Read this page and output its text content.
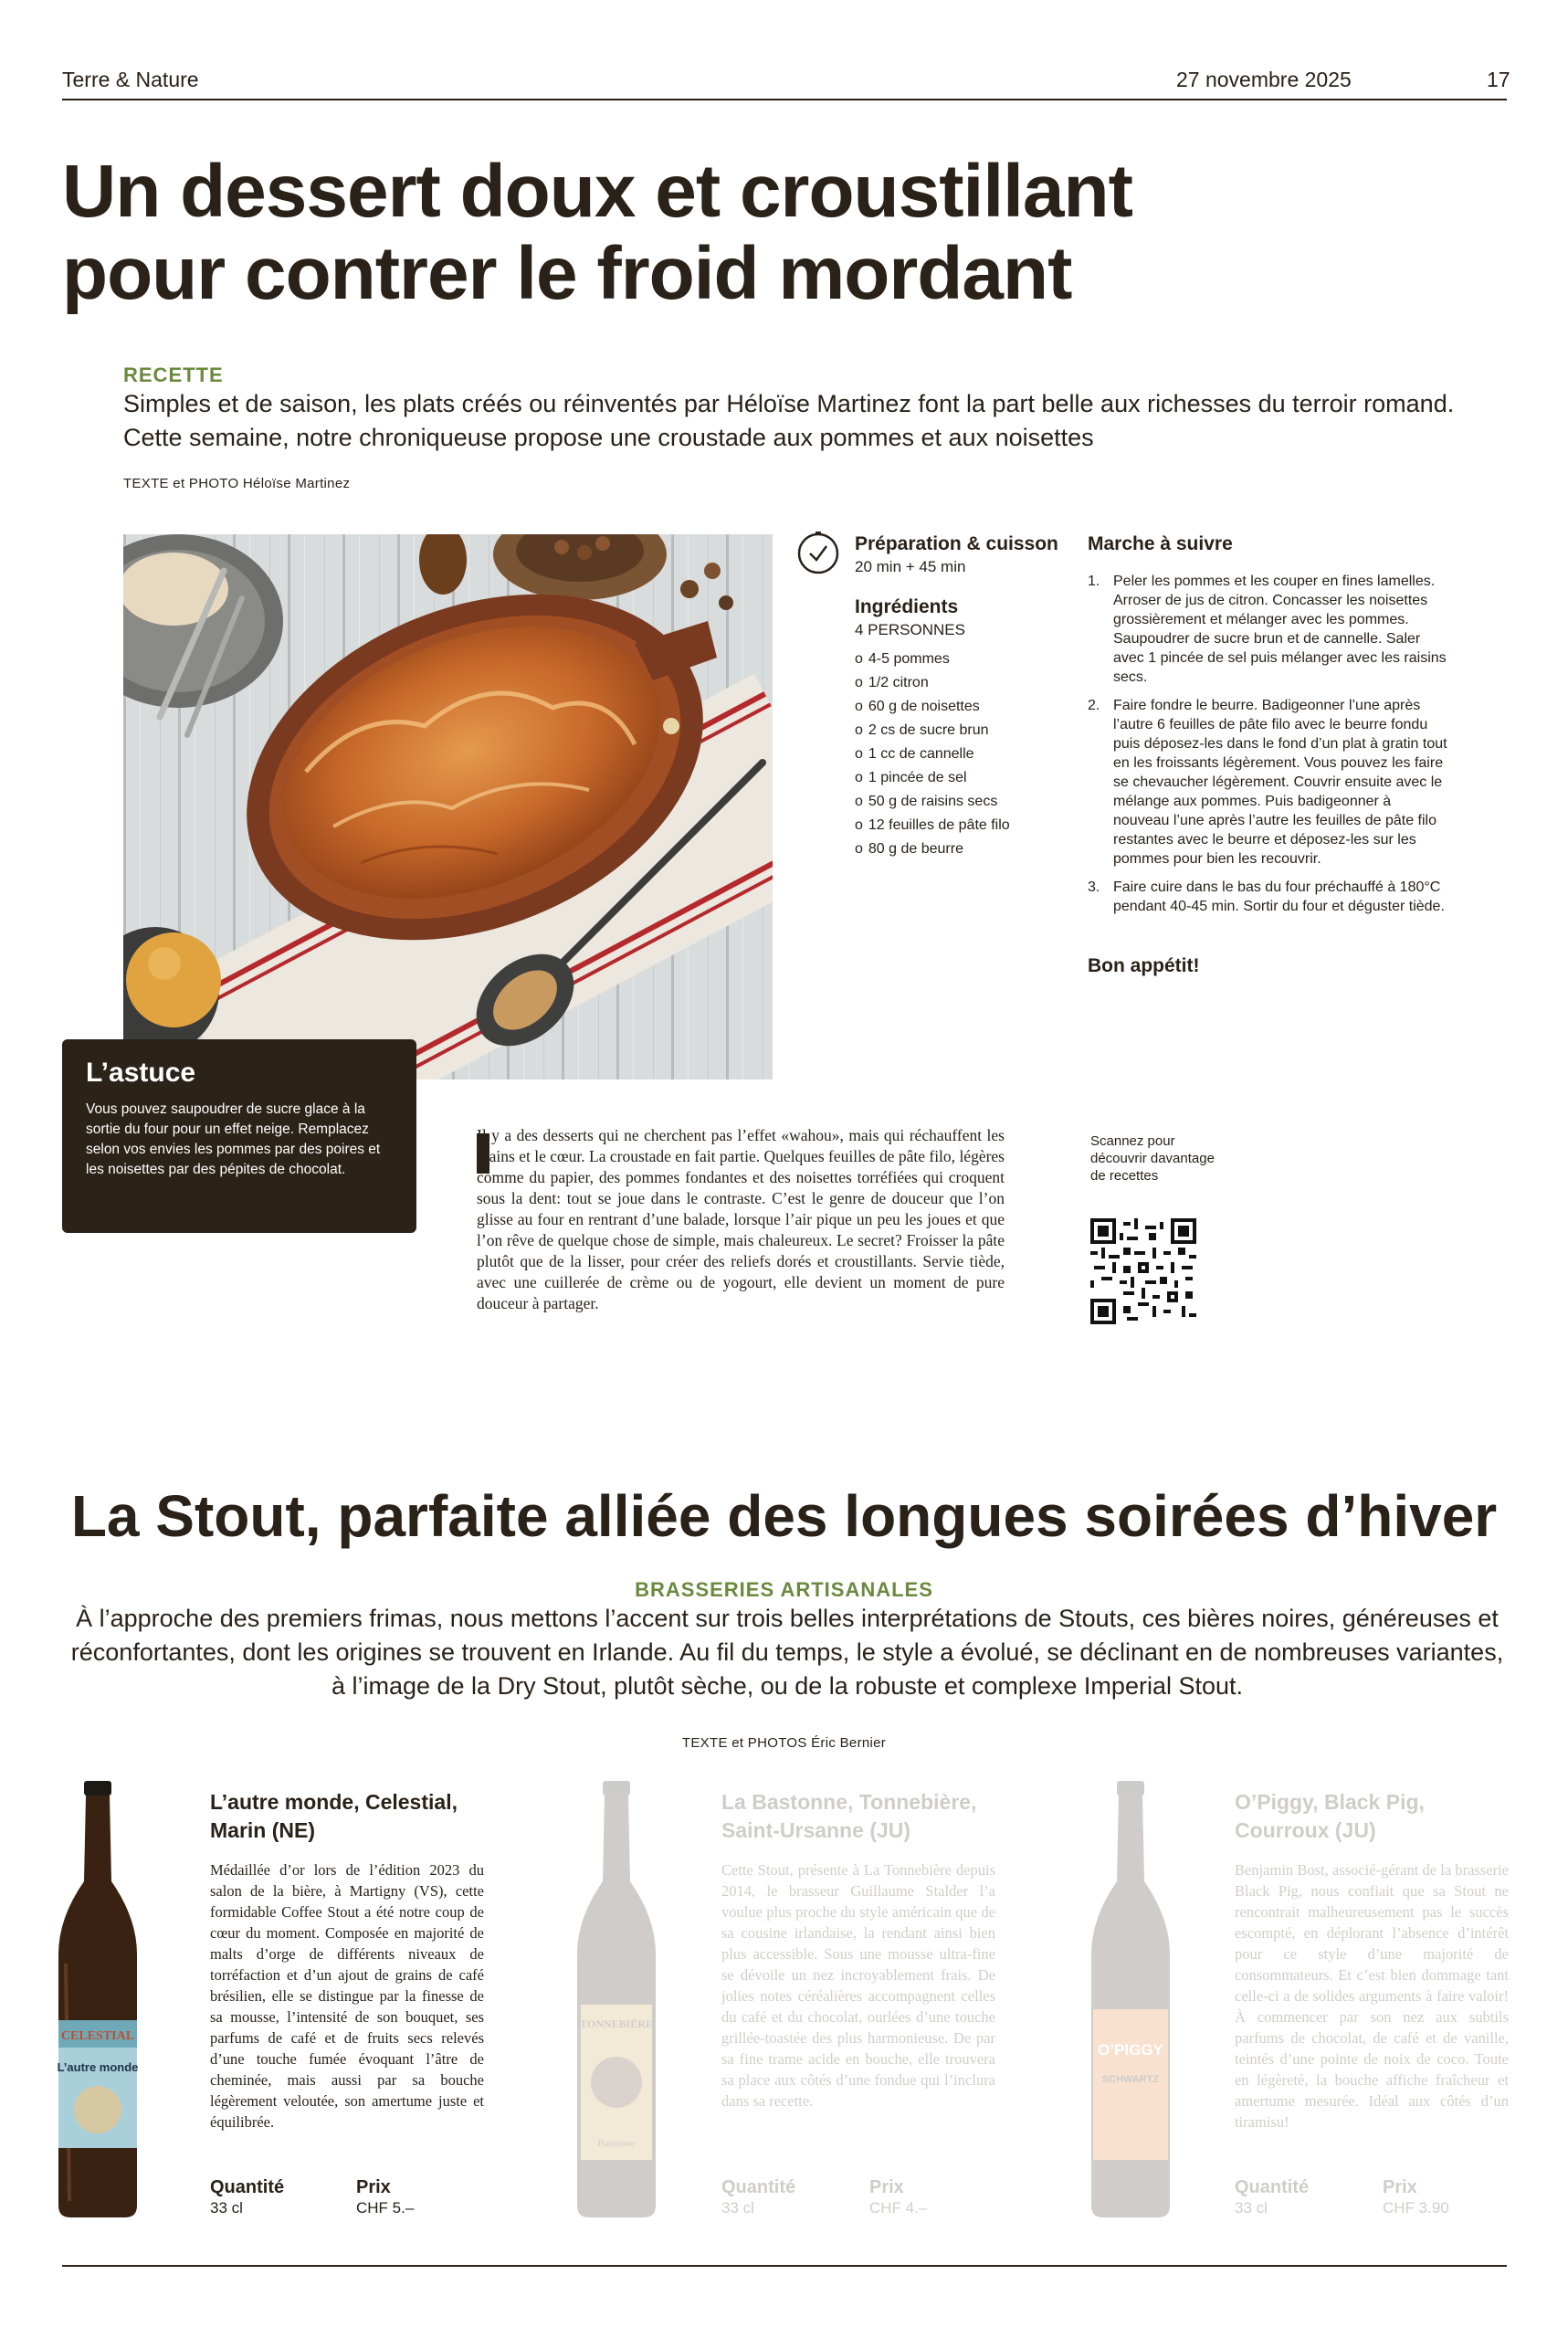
Terre & Nature	27 novembre 2025	17
Un dessert doux et croustillant
pour contrer le froid mordant
RECETTE

Simples et de saison, les plats créés ou réinventés par Héloïse Martinez font la part belle aux richesses du terroir romand. Cette semaine, notre chroniqueuse propose une croustade aux pommes et aux noisettes

TEXTE et PHOTO Héloïse Martinez
Préparation & cuisson
20 min + 45 min
Ingrédients
4 PERSONNES
o 4-5 pommes
o 1/2 citron
o 60 g de noisettes
o 2 cs de sucre brun
o 1 cc de cannelle
o 1 pincée de sel
o 50 g de raisins secs
o 12 feuilles de pâte filo
o 80 g de beurre
Marche à suivre
1. Peler les pommes et les couper en fines lamelles. Arroser de jus de citron. Concasser les noisettes grossièrement et mélanger avec les pommes. Saupoudrer de sucre brun et de cannelle. Saler avec 1 pincée de sel puis mélanger avec les raisins secs.
2. Faire fondre le beurre. Badigeonner l’une après l’autre 6 feuilles de pâte filo avec le beurre fondu puis déposez-les dans le fond d’un plat à gratin tout en les froissants légèrement. Vous pouvez les faire se chevaucher légèrement. Couvrir ensuite avec le mélange aux pommes. Puis badigeonner à nouveau l’une après l’autre les feuilles de pâte filo restantes avec le beurre et déposez-les sur les pommes pour bien les recouvrir.
3. Faire cuire dans le bas du four préchauffé à 180°C pendant 40-45 min. Sortir du four et déguster tiède.
Bon appétit!
L’astuce

Vous pouvez saupoudrer de sucre glace à la sortie du four pour un effet neige. Remplacez selon vos envies les pommes par des poires et les noisettes par des pépites de chocolat.

Il y a des desserts qui ne cherchent pas l’effet «wahou», mais qui réchauffent les mains et le cœur. La croustade en fait partie. Quelques feuilles de pâte filo, légères comme du papier, des pommes fondantes et des noisettes torréfiées qui croquent sous la dent: tout se joue dans le contraste. C’est le genre de douceur que l’on glisse au four en rentrant d’une balade, lorsque l’air pique un peu les joues et que l’on rêve de quelque chose de simple, mais chaleureux. Le secret? Froisser la pâte plutôt que de la lisser, pour créer des reliefs dorés et croustillants. Servie tiède, avec une cuillerée de crème ou de yogourt, elle devient un moment de pure douceur à partager.

Scannez pour découvrir davantage de recettes
La Stout, parfaite alliée des longues soirées d’hiver
BRASSERIES ARTISANALES

À l’approche des premiers frimas, nous mettons l’accent sur trois belles interprétations de Stouts, ces bières noires, généreuses et réconfortantes, dont les origines se trouvent en Irlande. Au fil du temps, le style a évolué, se déclinant en de nombreuses variantes, à l’image de la Dry Stout, plutôt sèche, ou de la robuste et complexe Imperial Stout.

TEXTE et PHOTOS Éric Bernier
CELESTIAL
L’autre monde
L’autre monde, Celestial,
Marin (NE)

Médaillée d’or lors de l’édition 2023 du salon de la bière, à Martigny (VS), cette formidable Coffee Stout a été notre coup de cœur du moment. Composée en majorité de malts d’orge de différents niveaux de torréfaction et d’un ajout de grains de café brésilien, elle se distingue par la finesse de sa mousse, l’intensité de son bouquet, ses parfums de café et de fruits secs relevés d’une touche fumée évoquant l’âtre de cheminée, mais aussi par sa bouche légèrement veloutée, son amertume juste et équilibrée.

Quantité
33 cl
Prix
CHF 5.–
TONNEBIÈRE
Bastonne
La Bastonne, Tonnebière,
Saint-Ursanne (JU)

Cette Stout, présente à La Tonnebière depuis 2014, le brasseur Guillaume Stalder l’a voulue plus proche du style américain que de sa cousine irlandaise, la rendant ainsi bien plus accessible. Sous une mousse ultra-fine se dévoile un nez incroyablement frais. De jolies notes céréalières accompagnent celles du café et du chocolat, ourlées d’une touche grillée-toastée des plus harmonieuse. De par sa fine trame acide en bouche, elle trouvera sa place aux côtés d’une fondue qui l’inclura dans sa recette.

Quantité
33 cl
Prix
CHF 4.–
O’PIGGY
SCHWARTZ
O’Piggy, Black Pig,
Courroux (JU)

Benjamin Bost, associé-gérant de la brasserie Black Pig, nous confiait que sa Stout ne rencontrait malheureusement pas le succès escompté, en déplorant l’absence d’intérêt pour ce style d’une majorité de consommateurs. Et c’est bien dommage tant celle-ci a de solides arguments à faire valoir! À commencer par son nez aux subtils parfums de chocolat, de café et de vanille, teintés d’une pointe de noix de coco. Toute en légèreté, la bouche affiche fraîcheur et amertume mesurée. Idéal aux côtés d’un tiramisu!

Quantité
33 cl
Prix
CHF 3.90
